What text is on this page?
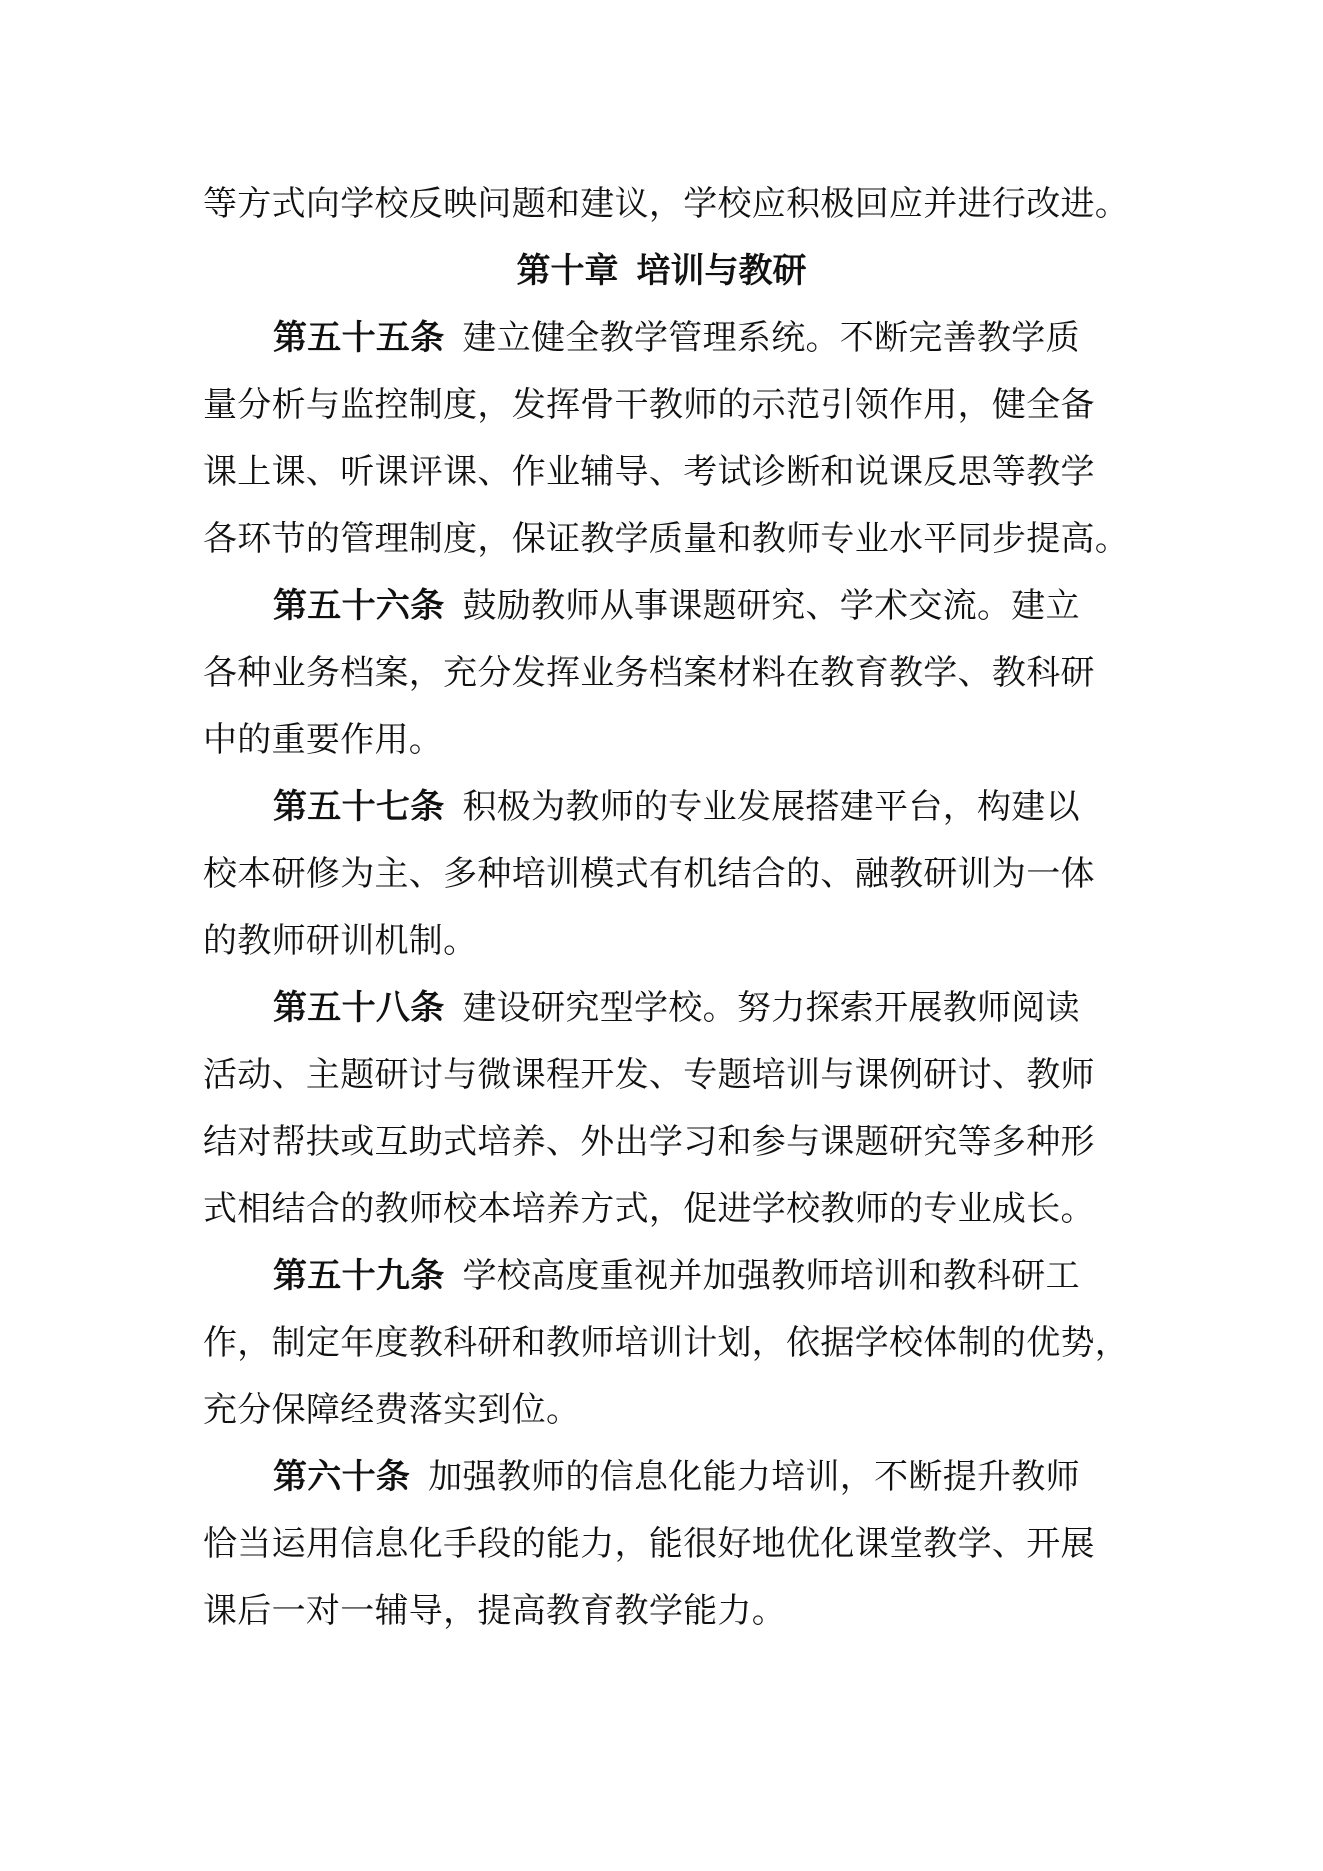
等方式向学校反映问题和建议，学校应积极回应并进行改进。
第十章 培训与教研
第五十五条 建立健全教学管理系统。不断完善教学质
量分析与监控制度，发挥骨干教师的示范引领作用，健全备
课上课、听课评课、作业辅导、考试诊断和说课反思等教学
各环节的管理制度，保证教学质量和教师专业水平同步提高。
第五十六条 鼓励教师从事课题研究、学术交流。建立
各种业务档案，充分发挥业务档案材料在教育教学、教科研
中的重要作用。
第五十七条 积极为教师的专业发展搭建平台，构建以
校本研修为主、多种培训模式有机结合的、融教研训为一体
的教师研训机制。
第五十八条 建设研究型学校。努力探索开展教师阅读
活动、主题研讨与微课程开发、专题培训与课例研讨、教师
结对帮扶或互助式培养、外出学习和参与课题研究等多种形
式相结合的教师校本培养方式，促进学校教师的专业成长。
第五十九条 学校高度重视并加强教师培训和教科研工
作，制定年度教科研和教师培训计划，依据学校体制的优势，
充分保障经费落实到位。
第六十条 加强教师的信息化能力培训，不断提升教师
恰当运用信息化手段的能力，能很好地优化课堂教学、开展
课后一对一辅导，提高教育教学能力。
